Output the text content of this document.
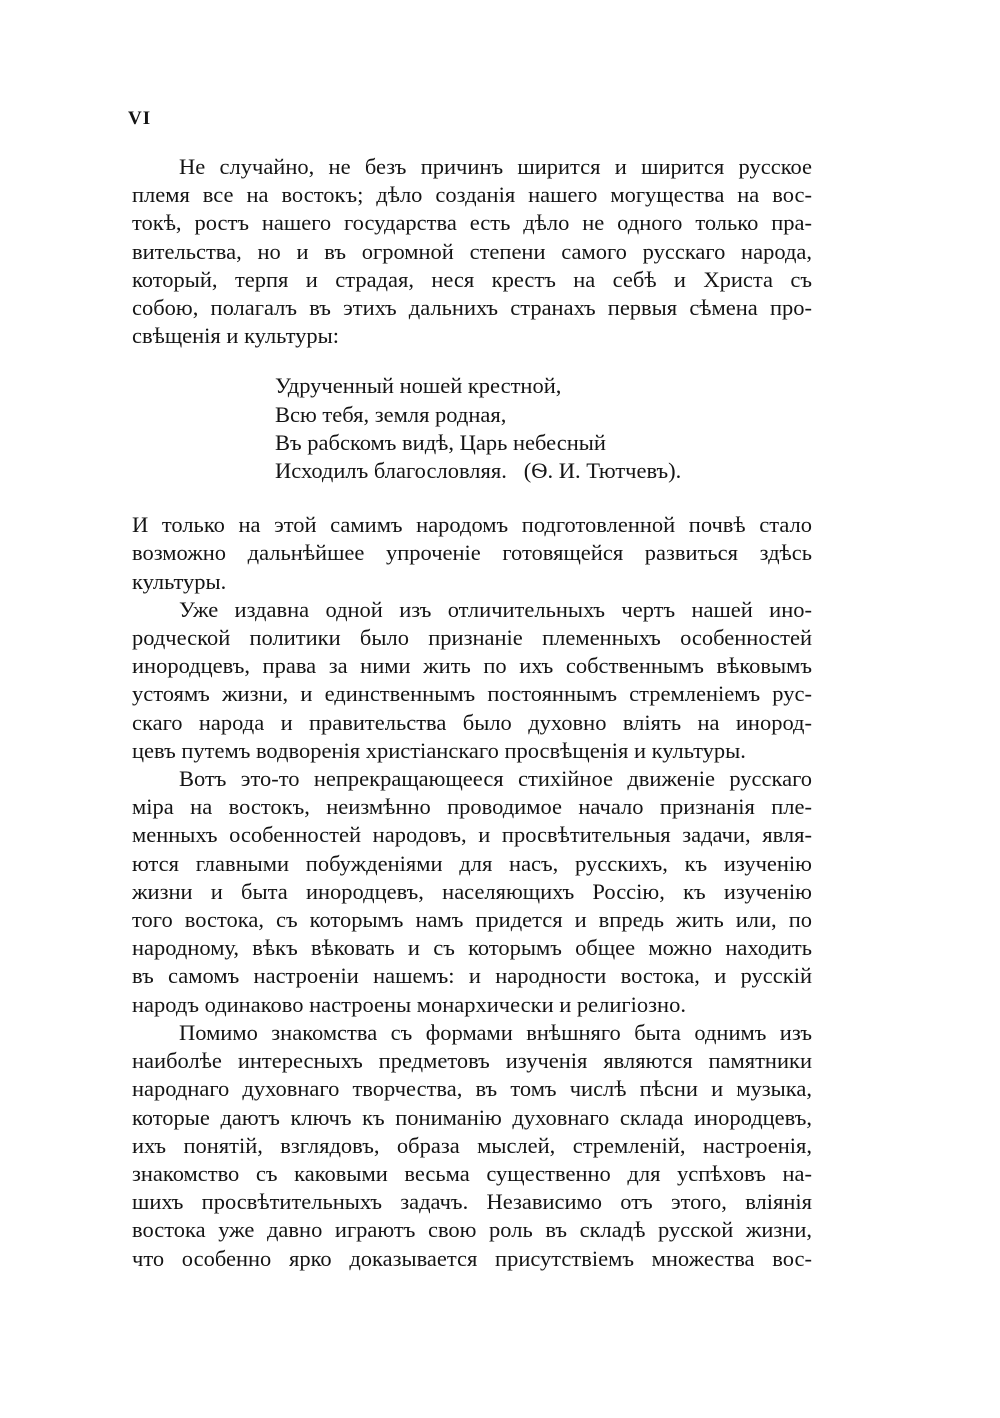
VI
Не случайно, не безъ причинъ ширится и ширится русское
племя все на востокъ; дѣло созданія нашего могущества на вос-
токѣ, ростъ нашего государства есть дѣло не одного только пра-
вительства, но и въ огромной степени самого русскаго народа,
который, терпя и страдая, неся крестъ на себѣ и Христа съ
собою, полагалъ въ этихъ дальнихъ странахъ первыя сѣмена про-
свѣщенія и культуры:
Удрученный ношей крестной,
Всю тебя, земля родная,
Въ рабскомъ видѣ, Царь небесный
Исходилъ благословляя.   (Ѳ. И. Тютчевъ).
И только на этой самимъ народомъ подготовленной почвѣ стало
возможно дальнѣйшее упроченіе готовящейся развиться здѣсь
культуры.
Уже издавна одной изъ отличительныхъ чертъ нашей ино-
родческой политики было признаніе племенныхъ особенностей
инородцевъ, права за ними жить по ихъ собственнымъ вѣковымъ
устоямъ жизни, и единственнымъ постояннымъ стремленіемъ рус-
скаго народа и правительства было духовно вліять на инород-
цевъ путемъ водворенія христіанскаго просвѣщенія и культуры.
Вотъ это-то непрекращающееся стихійное движеніе русскаго
міра на востокъ, неизмѣнно проводимое начало признанія пле-
менныхъ особенностей народовъ, и просвѣтительныя задачи, явля-
ются главными побужденіями для насъ, русскихъ, къ изученію
жизни и быта инородцевъ, населяющихъ Россію, къ изученію
того востока, съ которымъ намъ придется и впредь жить или, по
народному, вѣкъ вѣковать и съ которымъ общее можно находить
въ самомъ настроеніи нашемъ: и народности востока, и русскій
народъ одинаково настроены монархически и религіозно.
Помимо знакомства съ формами внѣшняго быта однимъ изъ
наиболѣе интересныхъ предметовъ изученія являются памятники
народнаго духовнаго творчества, въ томъ числѣ пѣсни и музыка,
которые даютъ ключъ къ пониманію духовнаго склада инородцевъ,
ихъ понятій, взглядовъ, образа мыслей, стремленій, настроенія,
знакомство съ каковыми весьма существенно для успѣховъ на-
шихъ просвѣтительныхъ задачъ. Независимо отъ этого, вліянія
востока уже давно играютъ свою роль въ складѣ русской жизни,
что особенно ярко доказывается присутствіемъ множества вос-
